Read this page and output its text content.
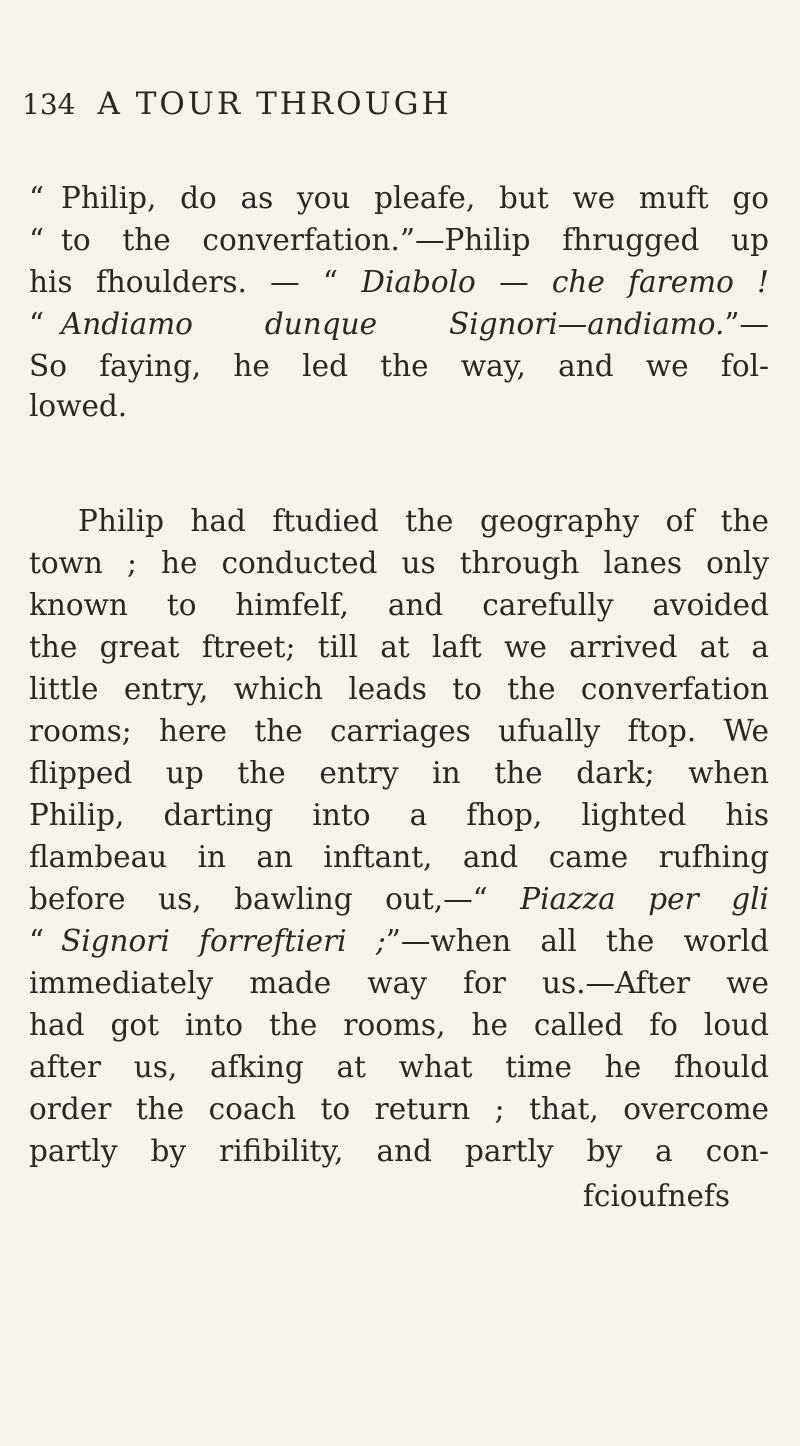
134 A TOUR THROUGH
“ Philip, do as you pleafe, but we muft go
“ to the converfation.”—Philip fhrugged up
his fhoulders. — “ Diabolo — che faremo !
“ Andiamo dunque Signori—andiamo.”—
So faying, he led the way, and we fol-
lowed.
Philip had ftudied the geography of the
town ; he conducted us through lanes only
known to himfelf, and carefully avoided
the great ftreet; till at laft we arrived at a
little entry, which leads to the converfation
rooms; here the carriages ufually ftop. We
flipped up the entry in the dark; when
Philip, darting into a fhop, lighted his
flambeau in an inftant, and came rufhing
before us, bawling out,—“ Piazza per gli
“ Signori forreftieri ;”—when all the world
immediately made way for us.—After we
had got into the rooms, he called fo loud
after us, afking at what time he fhould
order the coach to return ; that, overcome
partly by rifibility, and partly by a con-
fcioufnefs
